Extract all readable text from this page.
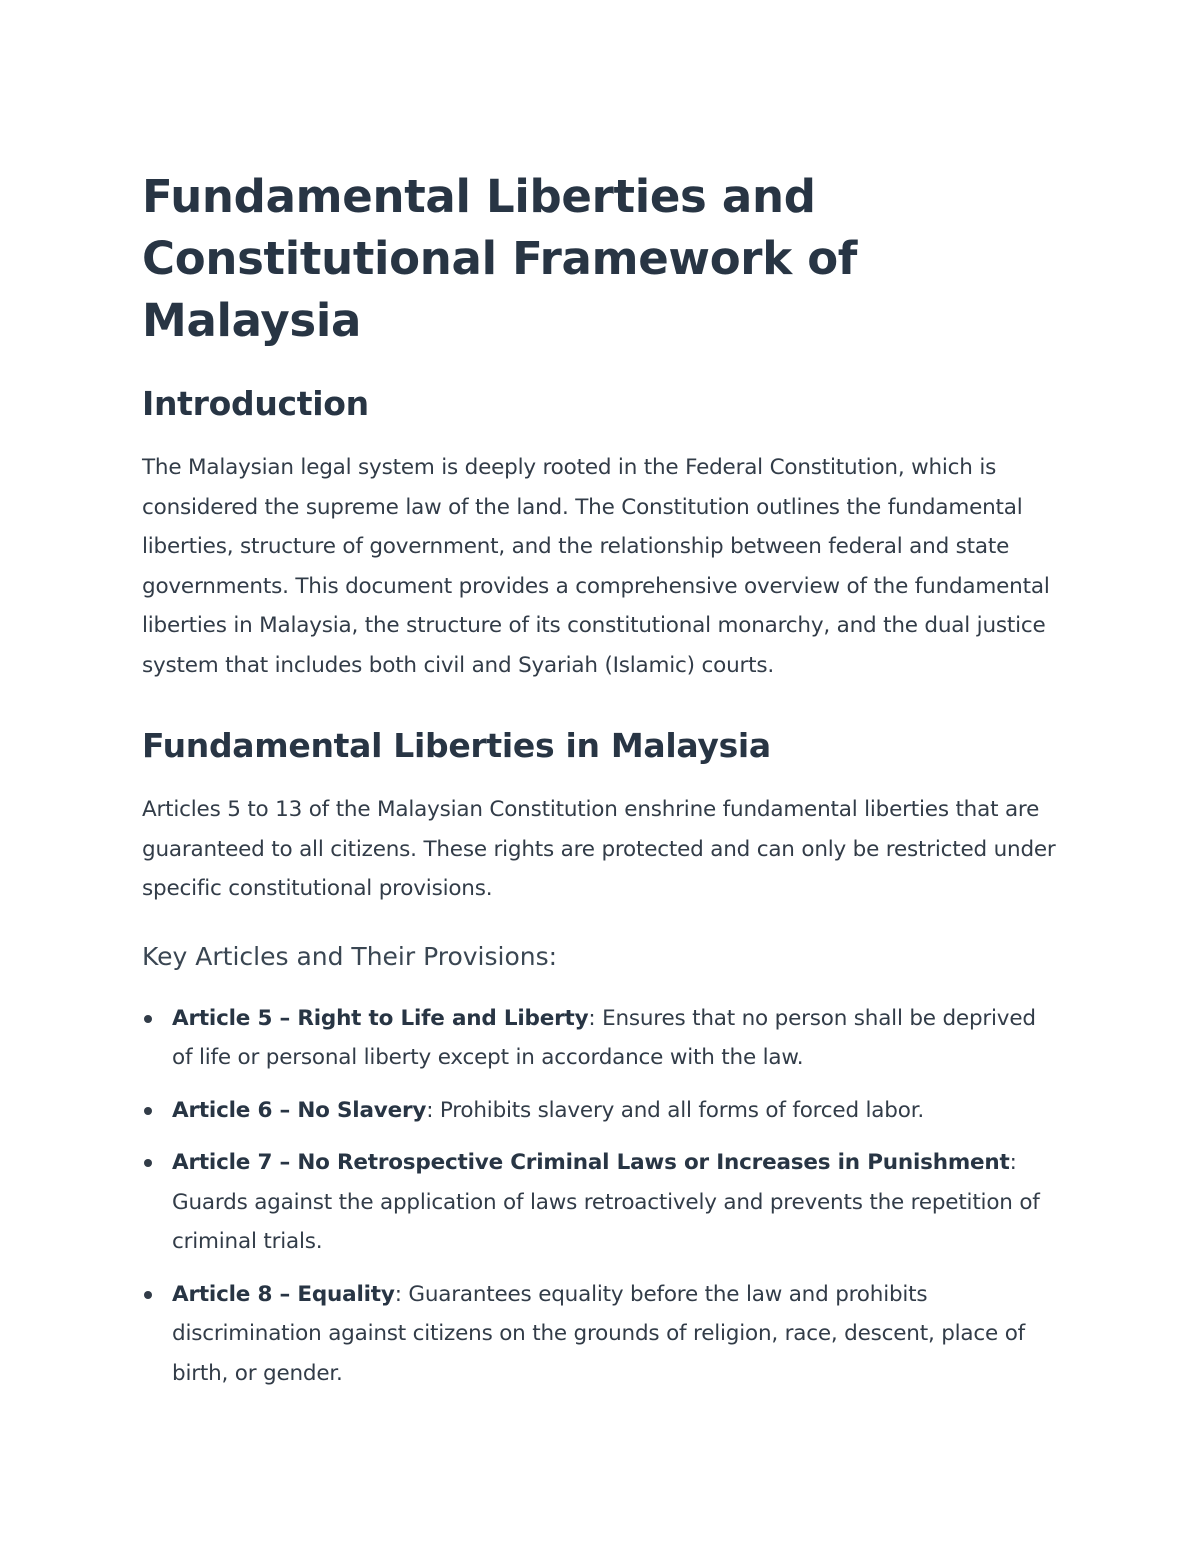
Fundamental Liberties and Constitutional Framework of Malaysia
Introduction

The Malaysian legal system is deeply rooted in the Federal Constitution, which is considered the supreme law of the land. The Constitution outlines the fundamental liberties, structure of government, and the relationship between federal and state governments. This document provides a comprehensive overview of the fundamental liberties in Malaysia, the structure of its constitutional monarchy, and the dual justice system that includes both civil and Syariah (Islamic) courts.

Fundamental Liberties in Malaysia

Articles 5 to 13 of the Malaysian Constitution enshrine fundamental liberties that are guaranteed to all citizens. These rights are protected and can only be restricted under specific constitutional provisions.

Key Articles and Their Provisions:
Article 5 – Right to Life and Liberty: Ensures that no person shall be deprived of life or personal liberty except in accordance with the law.
Article 6 – No Slavery: Prohibits slavery and all forms of forced labor.
Article 7 – No Retrospective Criminal Laws or Increases in Punishment: Guards against the application of laws retroactively and prevents the repetition of criminal trials.
Article 8 – Equality: Guarantees equality before the law and prohibits discrimination against citizens on the grounds of religion, race, descent, place of birth, or gender.
